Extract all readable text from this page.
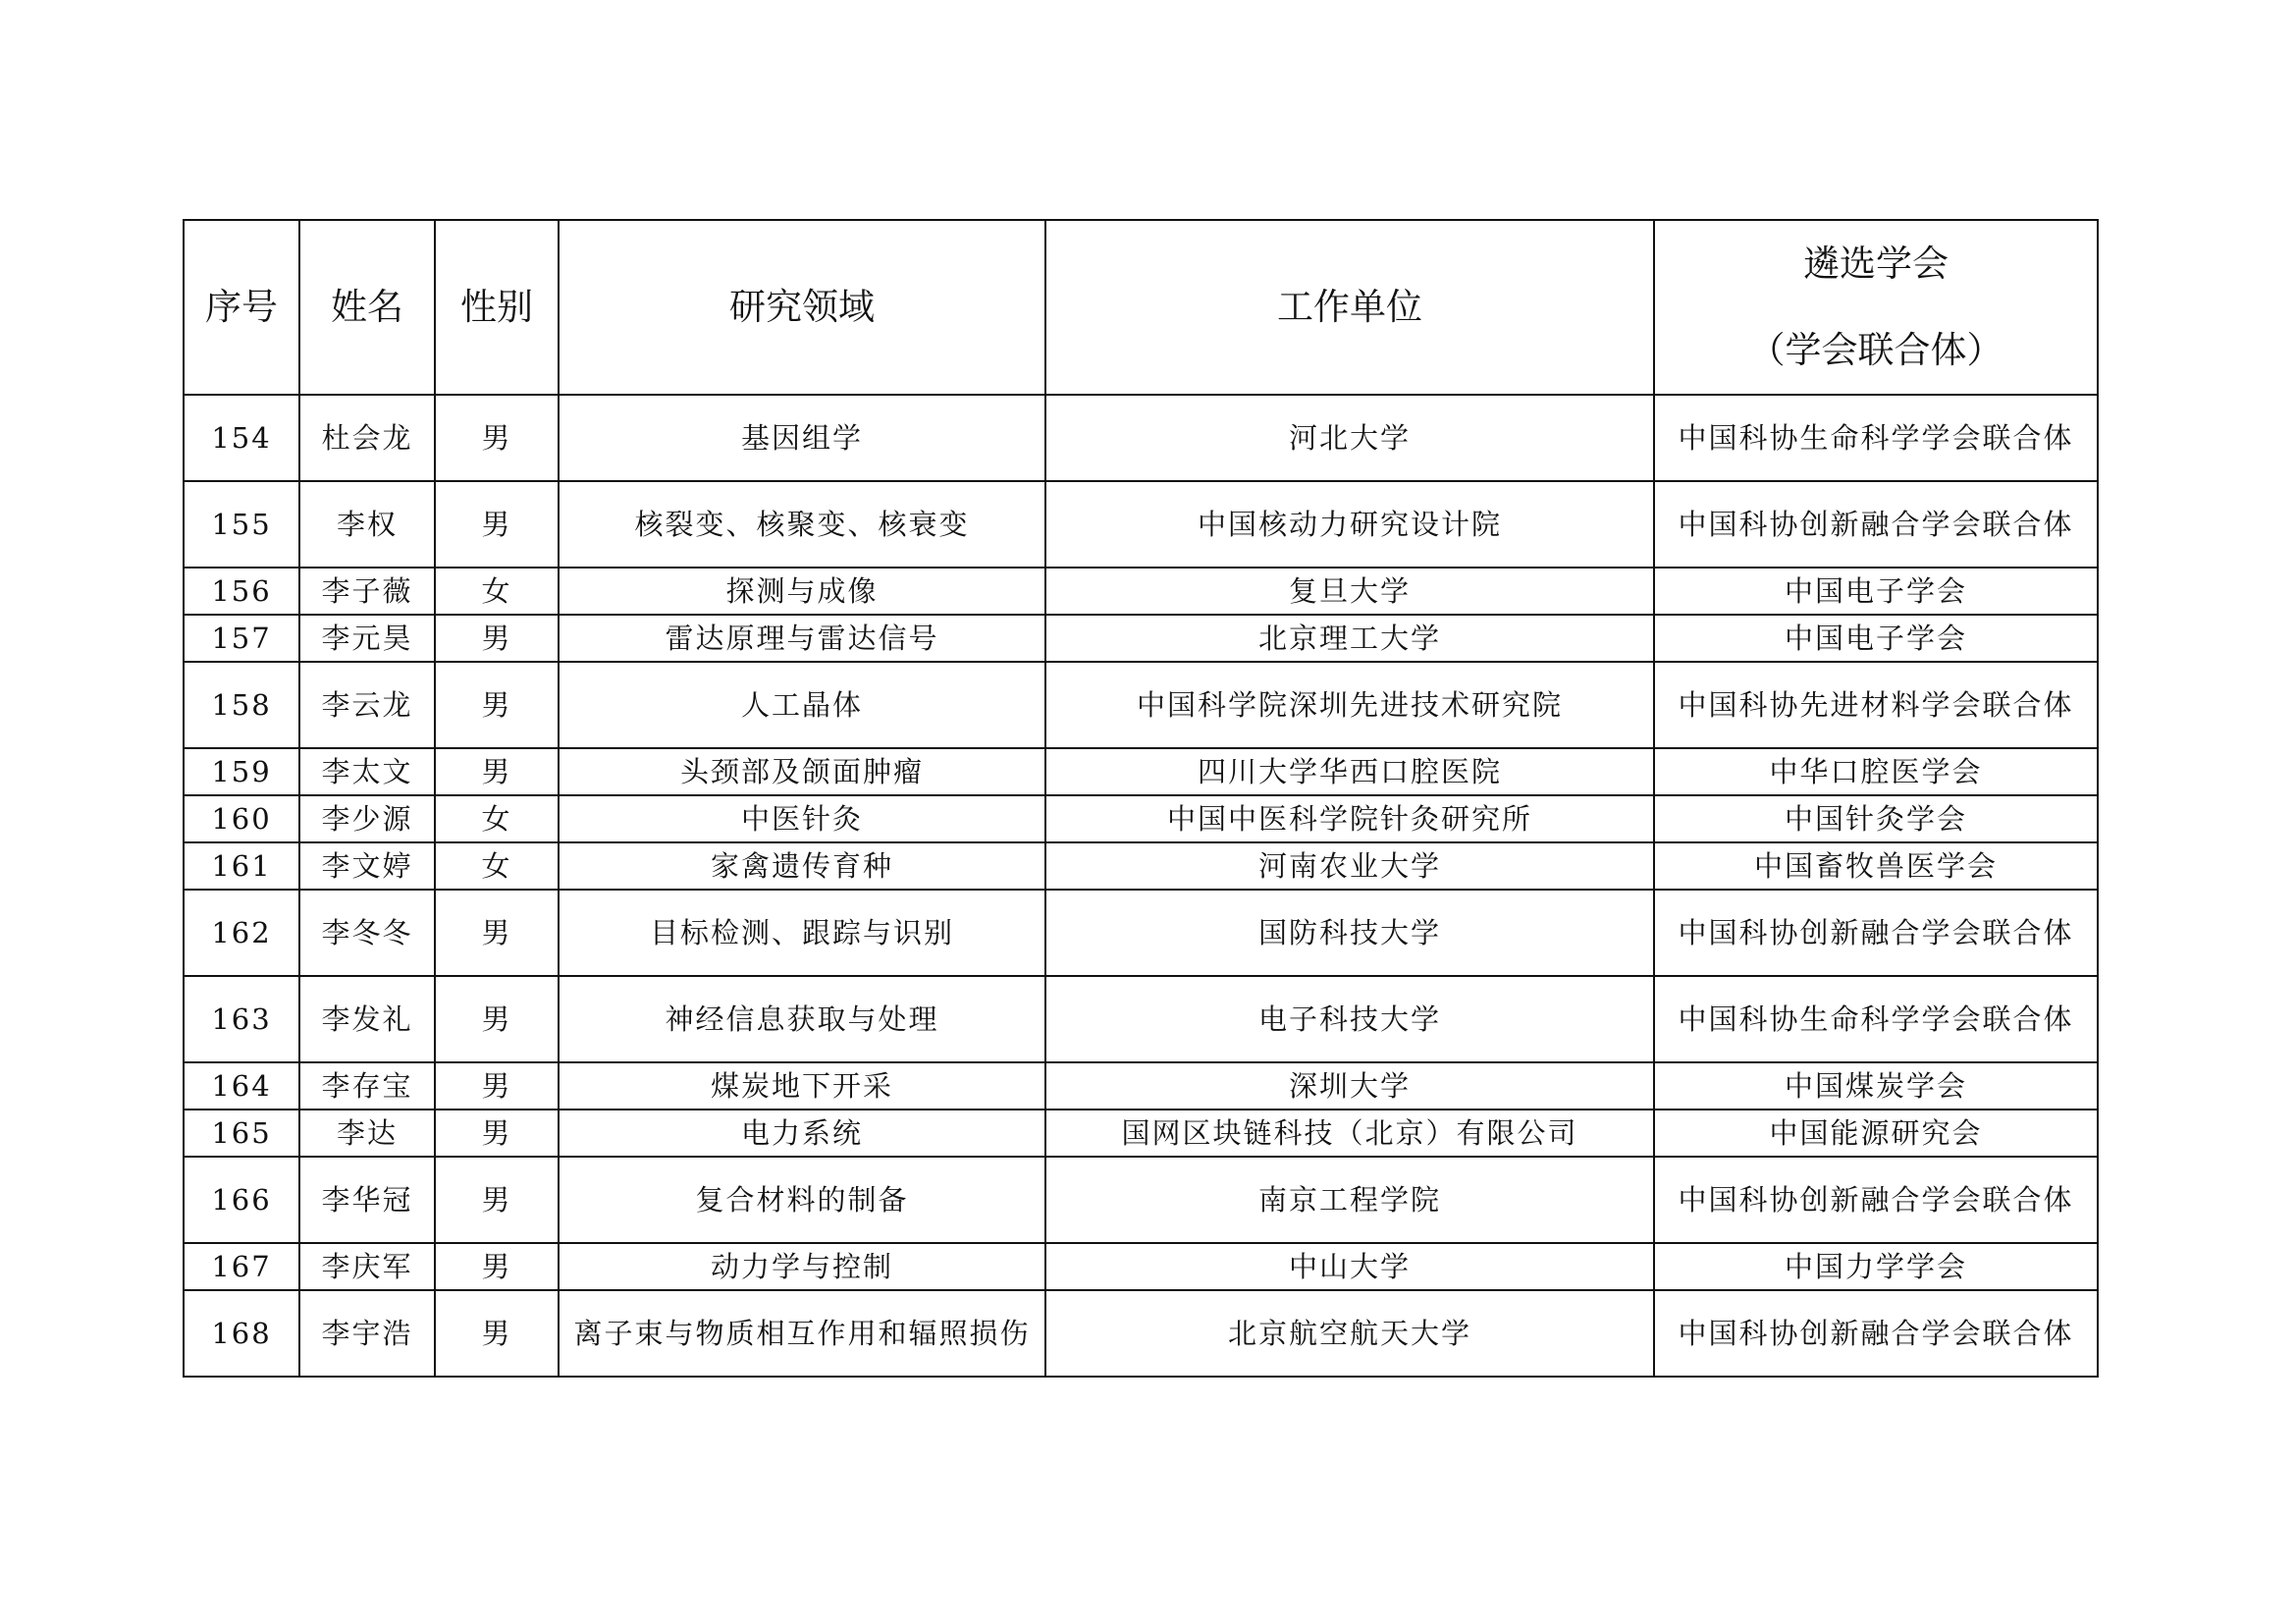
序号	姓名	性别	研究领域	工作单位	遴选学会
（学会联合体）

154	杜会龙	男	基因组学	河北大学	中国科协生命科学学会联合体
155	李权	男	核裂变、核聚变、核衰变	中国核动力研究设计院	中国科协创新融合学会联合体
156	李子薇	女	探测与成像	复旦大学	中国电子学会
157	李元昊	男	雷达原理与雷达信号	北京理工大学	中国电子学会
158	李云龙	男	人工晶体	中国科学院深圳先进技术研究院	中国科协先进材料学会联合体
159	李太文	男	头颈部及颌面肿瘤	四川大学华西口腔医院	中华口腔医学会
160	李少源	女	中医针灸	中国中医科学院针灸研究所	中国针灸学会
161	李文婷	女	家禽遗传育种	河南农业大学	中国畜牧兽医学会
162	李冬冬	男	目标检测、跟踪与识别	国防科技大学	中国科协创新融合学会联合体
163	李发礼	男	神经信息获取与处理	电子科技大学	中国科协生命科学学会联合体
164	李存宝	男	煤炭地下开采	深圳大学	中国煤炭学会
165	李达	男	电力系统	国网区块链科技（北京）有限公司	中国能源研究会
166	李华冠	男	复合材料的制备	南京工程学院	中国科协创新融合学会联合体
167	李庆军	男	动力学与控制	中山大学	中国力学学会
168	李宇浩	男	离子束与物质相互作用和辐照损伤	北京航空航天大学	中国科协创新融合学会联合体
